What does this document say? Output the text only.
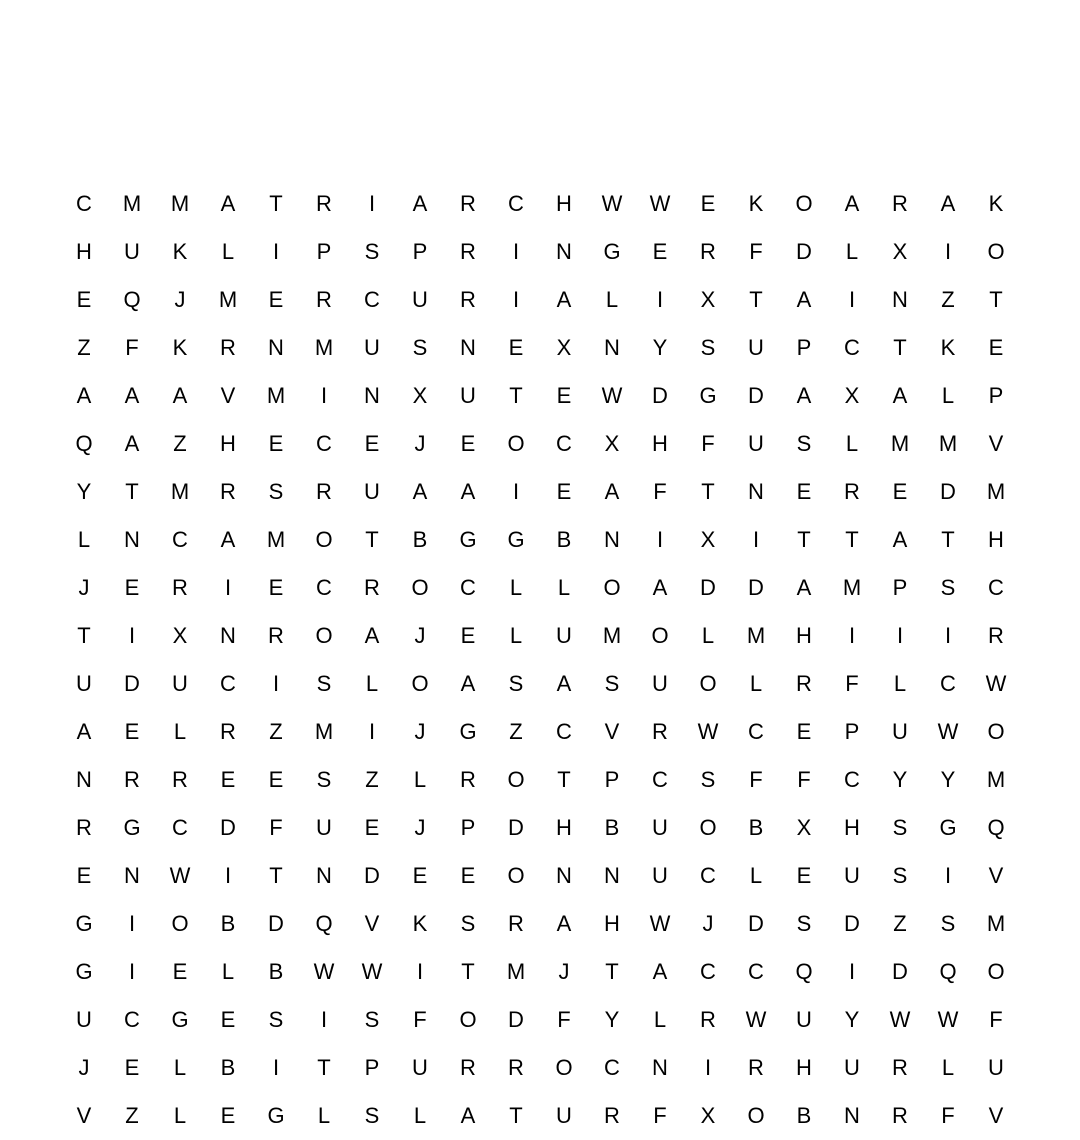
C	M	M	A	T	R	I	A	R	C	H	W	W	E	K	O	A	R	A	K
H	U	K	L	I	P	S	P	R	I	N	G	E	R	F	D	L	X	I	O
E	Q	J	M	E	R	C	U	R	I	A	L	I	X	T	A	I	N	Z	T
Z	F	K	R	N	M	U	S	N	E	X	N	Y	S	U	P	C	T	K	E
A	A	A	V	M	I	N	X	U	T	E	W	D	G	D	A	X	A	L	P
Q	A	Z	H	E	C	E	J	E	O	C	X	H	F	U	S	L	M	M	V
Y	T	M	R	S	R	U	A	A	I	E	A	F	T	N	E	R	E	D	M
L	N	C	A	M	O	T	B	G	G	B	N	I	X	I	T	T	A	T	H
J	E	R	I	E	C	R	O	C	L	L	O	A	D	D	A	M	P	S	C
T	I	X	N	R	O	A	J	E	L	U	M	O	L	M	H	I	I	I	R
U	D	U	C	I	S	L	O	A	S	A	S	U	O	L	R	F	L	C	W
A	E	L	R	Z	M	I	J	G	Z	C	V	R	W	C	E	P	U	W	O
N	R	R	E	E	S	Z	L	R	O	T	P	C	S	F	F	C	Y	Y	M
R	G	C	D	F	U	E	J	P	D	H	B	U	O	B	X	H	S	G	Q
E	N	W	I	T	N	D	E	E	O	N	N	U	C	L	E	U	S	I	V
G	I	O	B	D	Q	V	K	S	R	A	H	W	J	D	S	D	Z	S	M
G	I	E	L	B	W	W	I	T	M	J	T	A	C	C	Q	I	D	Q	O
U	C	G	E	S	I	S	F	O	D	F	Y	L	R	W	U	Y	W	W	F
J	E	L	B	I	T	P	U	R	R	O	C	N	I	R	H	U	R	L	U
V	Z	L	E	G	L	S	L	A	T	U	R	F	X	O	B	N	R	F	V
